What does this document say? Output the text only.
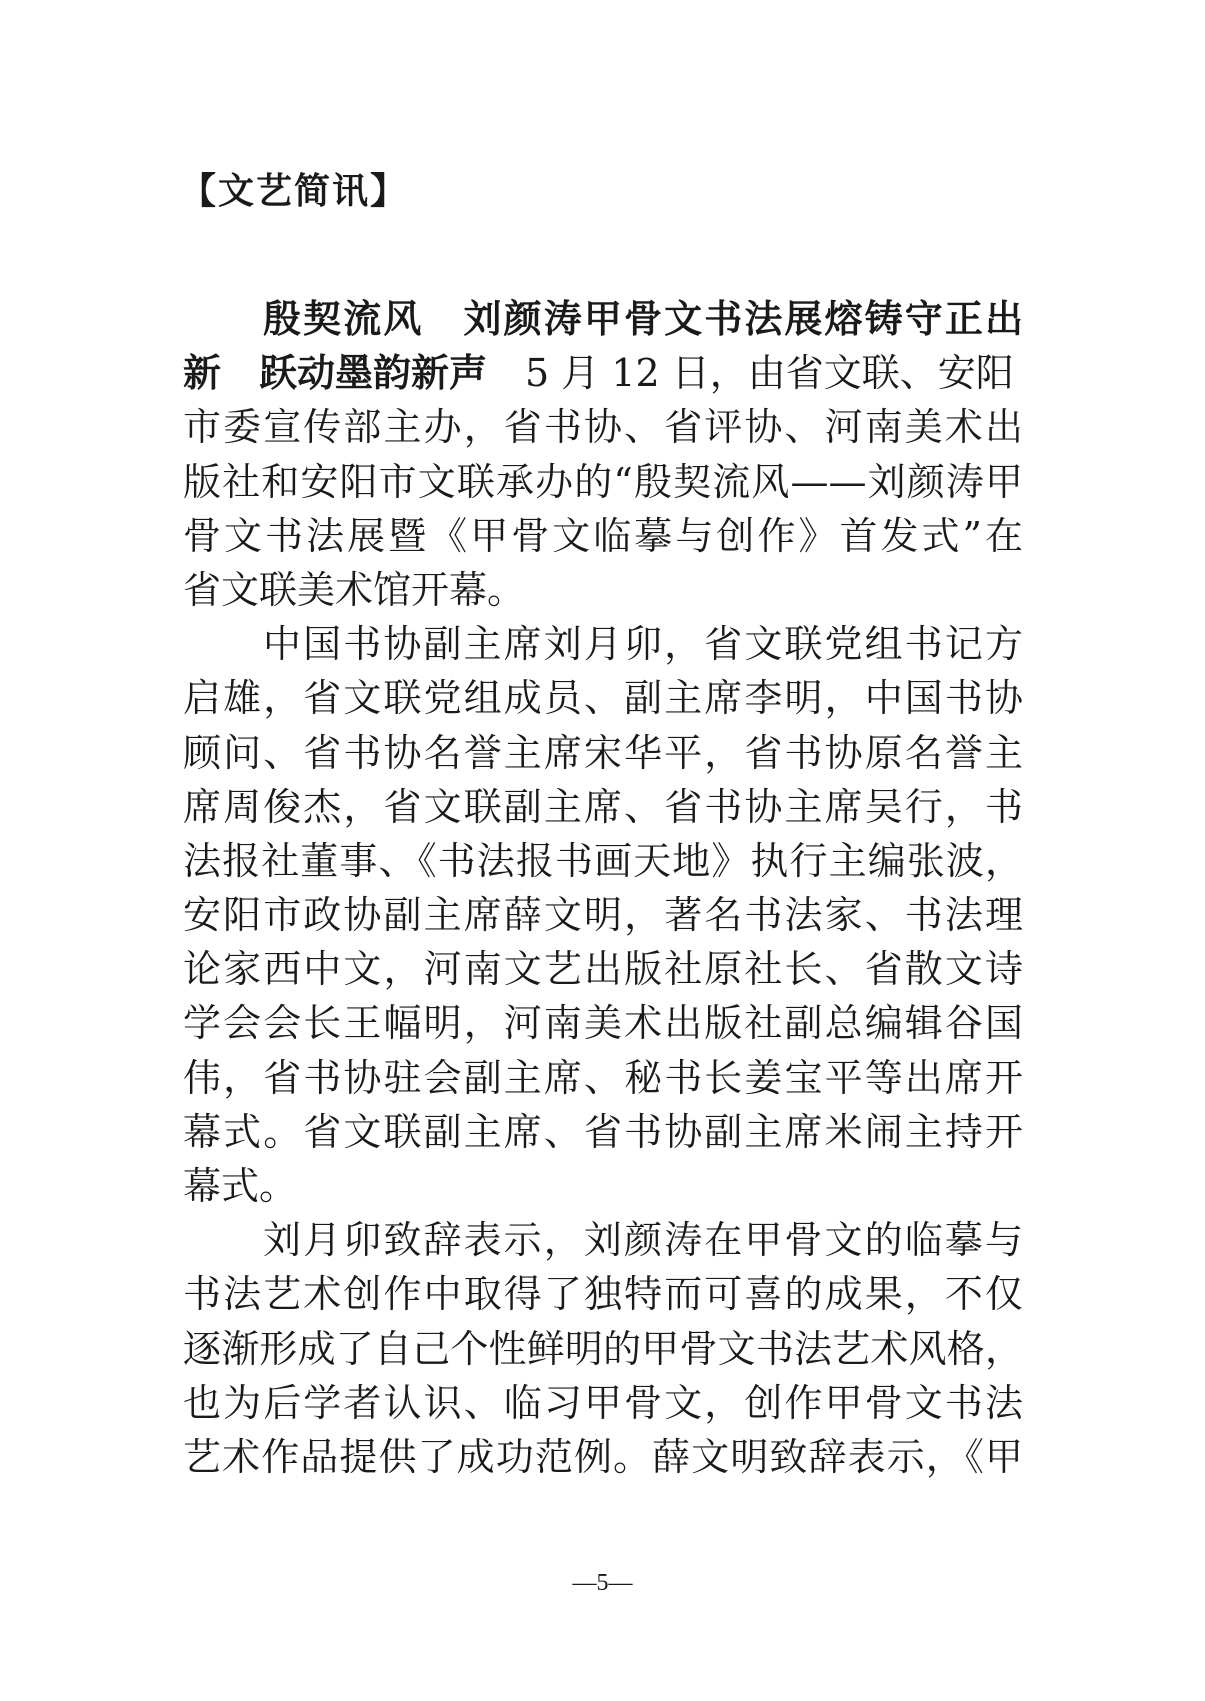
【文艺简讯】
殷契流风　刘颜涛甲骨文书法展熔铸守正出
新　跃动墨韵新声　5 月 12 日，由省文联、安阳
市委宣传部主办，省书协、省评协、河南美术出
版社和安阳市文联承办的“殷契流风——刘颜涛甲
骨文书法展暨《甲骨文临摹与创作》首发式”在
省文联美术馆开幕。
中国书协副主席刘月卯，省文联党组书记方
启雄，省文联党组成员、副主席李明，中国书协
顾问、省书协名誉主席宋华平，省书协原名誉主
席周俊杰，省文联副主席、省书协主席吴行，书
法报社董事、《书法报书画天地》执行主编张波，
安阳市政协副主席薛文明，著名书法家、书法理
论家西中文，河南文艺出版社原社长、省散文诗
学会会长王幅明，河南美术出版社副总编辑谷国
伟，省书协驻会副主席、秘书长姜宝平等出席开
幕式。省文联副主席、省书协副主席米闹主持开
幕式。
刘月卯致辞表示，刘颜涛在甲骨文的临摹与
书法艺术创作中取得了独特而可喜的成果，不仅
逐渐形成了自己个性鲜明的甲骨文书法艺术风格，
也为后学者认识、临习甲骨文，创作甲骨文书法
艺术作品提供了成功范例。薛文明致辞表示，《甲
—5—
